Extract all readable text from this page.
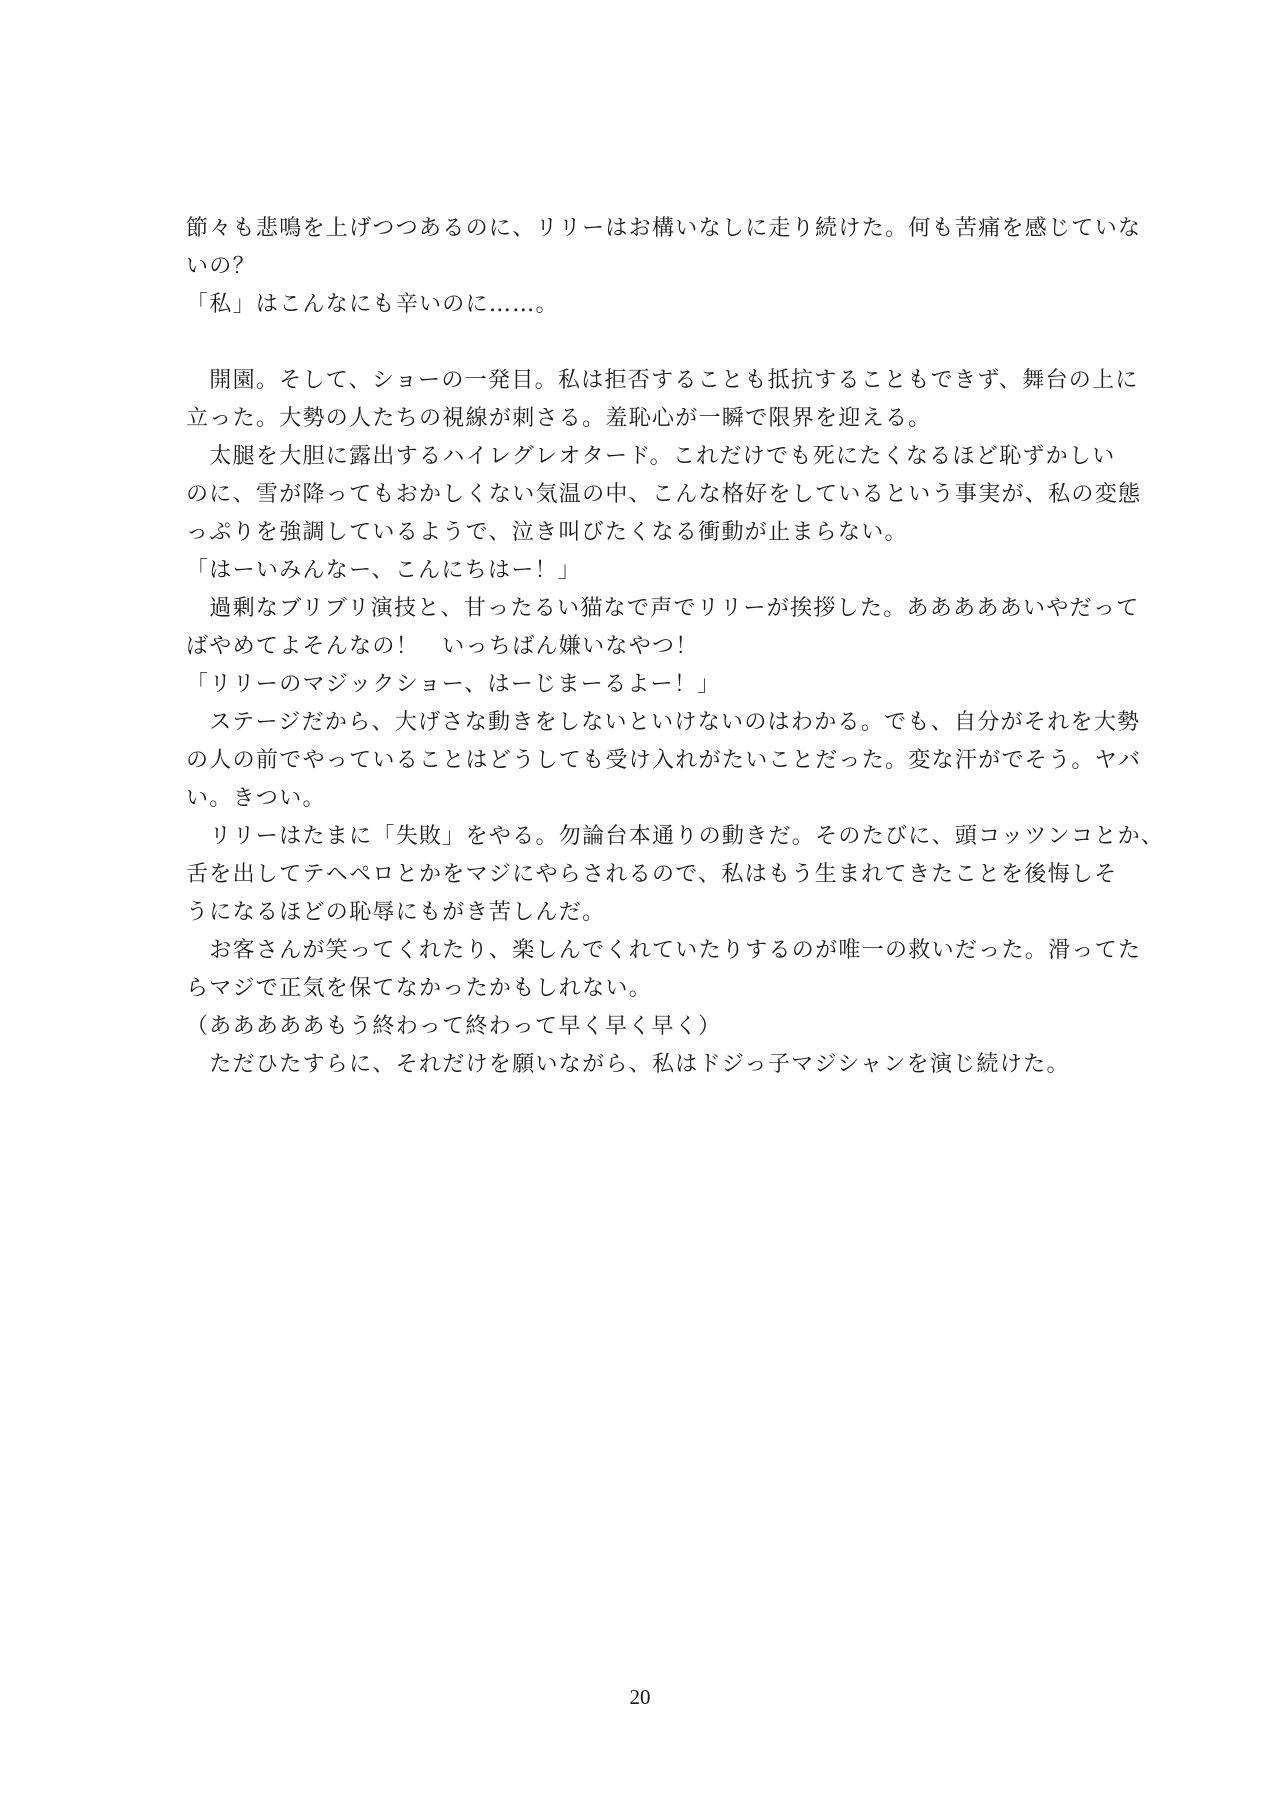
節々も悲鳴を上げつつあるのに、リリーはお構いなしに走り続けた。何も苦痛を感じていな
いの？
「私」はこんなにも辛いのに……。
　開園。そして、ショーの一発目。私は拒否することも抵抗することもできず、舞台の上に
立った。大勢の人たちの視線が刺さる。羞恥心が一瞬で限界を迎える。
　太腿を大胆に露出するハイレグレオタード。これだけでも死にたくなるほど恥ずかしい
のに、雪が降ってもおかしくない気温の中、こんな格好をしているという事実が、私の変態
っぷりを強調しているようで、泣き叫びたくなる衝動が止まらない。
「はーいみんなー、こんにちはー！」
　過剰なブリブリ演技と、甘ったるい猫なで声でリリーが挨拶した。あああああいやだって
ばやめてよそんなの！　いっちばん嫌いなやつ！
「リリーのマジックショー、はーじまーるよー！」
　ステージだから、大げさな動きをしないといけないのはわかる。でも、自分がそれを大勢
の人の前でやっていることはどうしても受け入れがたいことだった。変な汗がでそう。ヤバ
い。きつい。
　リリーはたまに「失敗」をやる。勿論台本通りの動きだ。そのたびに、頭コッツンコとか、
舌を出してテヘペロとかをマジにやらされるので、私はもう生まれてきたことを後悔しそ
うになるほどの恥辱にもがき苦しんだ。
　お客さんが笑ってくれたり、楽しんでくれていたりするのが唯一の救いだった。滑ってた
らマジで正気を保てなかったかもしれない。
（あああああもう終わって終わって早く早く早く）
　ただひたすらに、それだけを願いながら、私はドジっ子マジシャンを演じ続けた。
20
